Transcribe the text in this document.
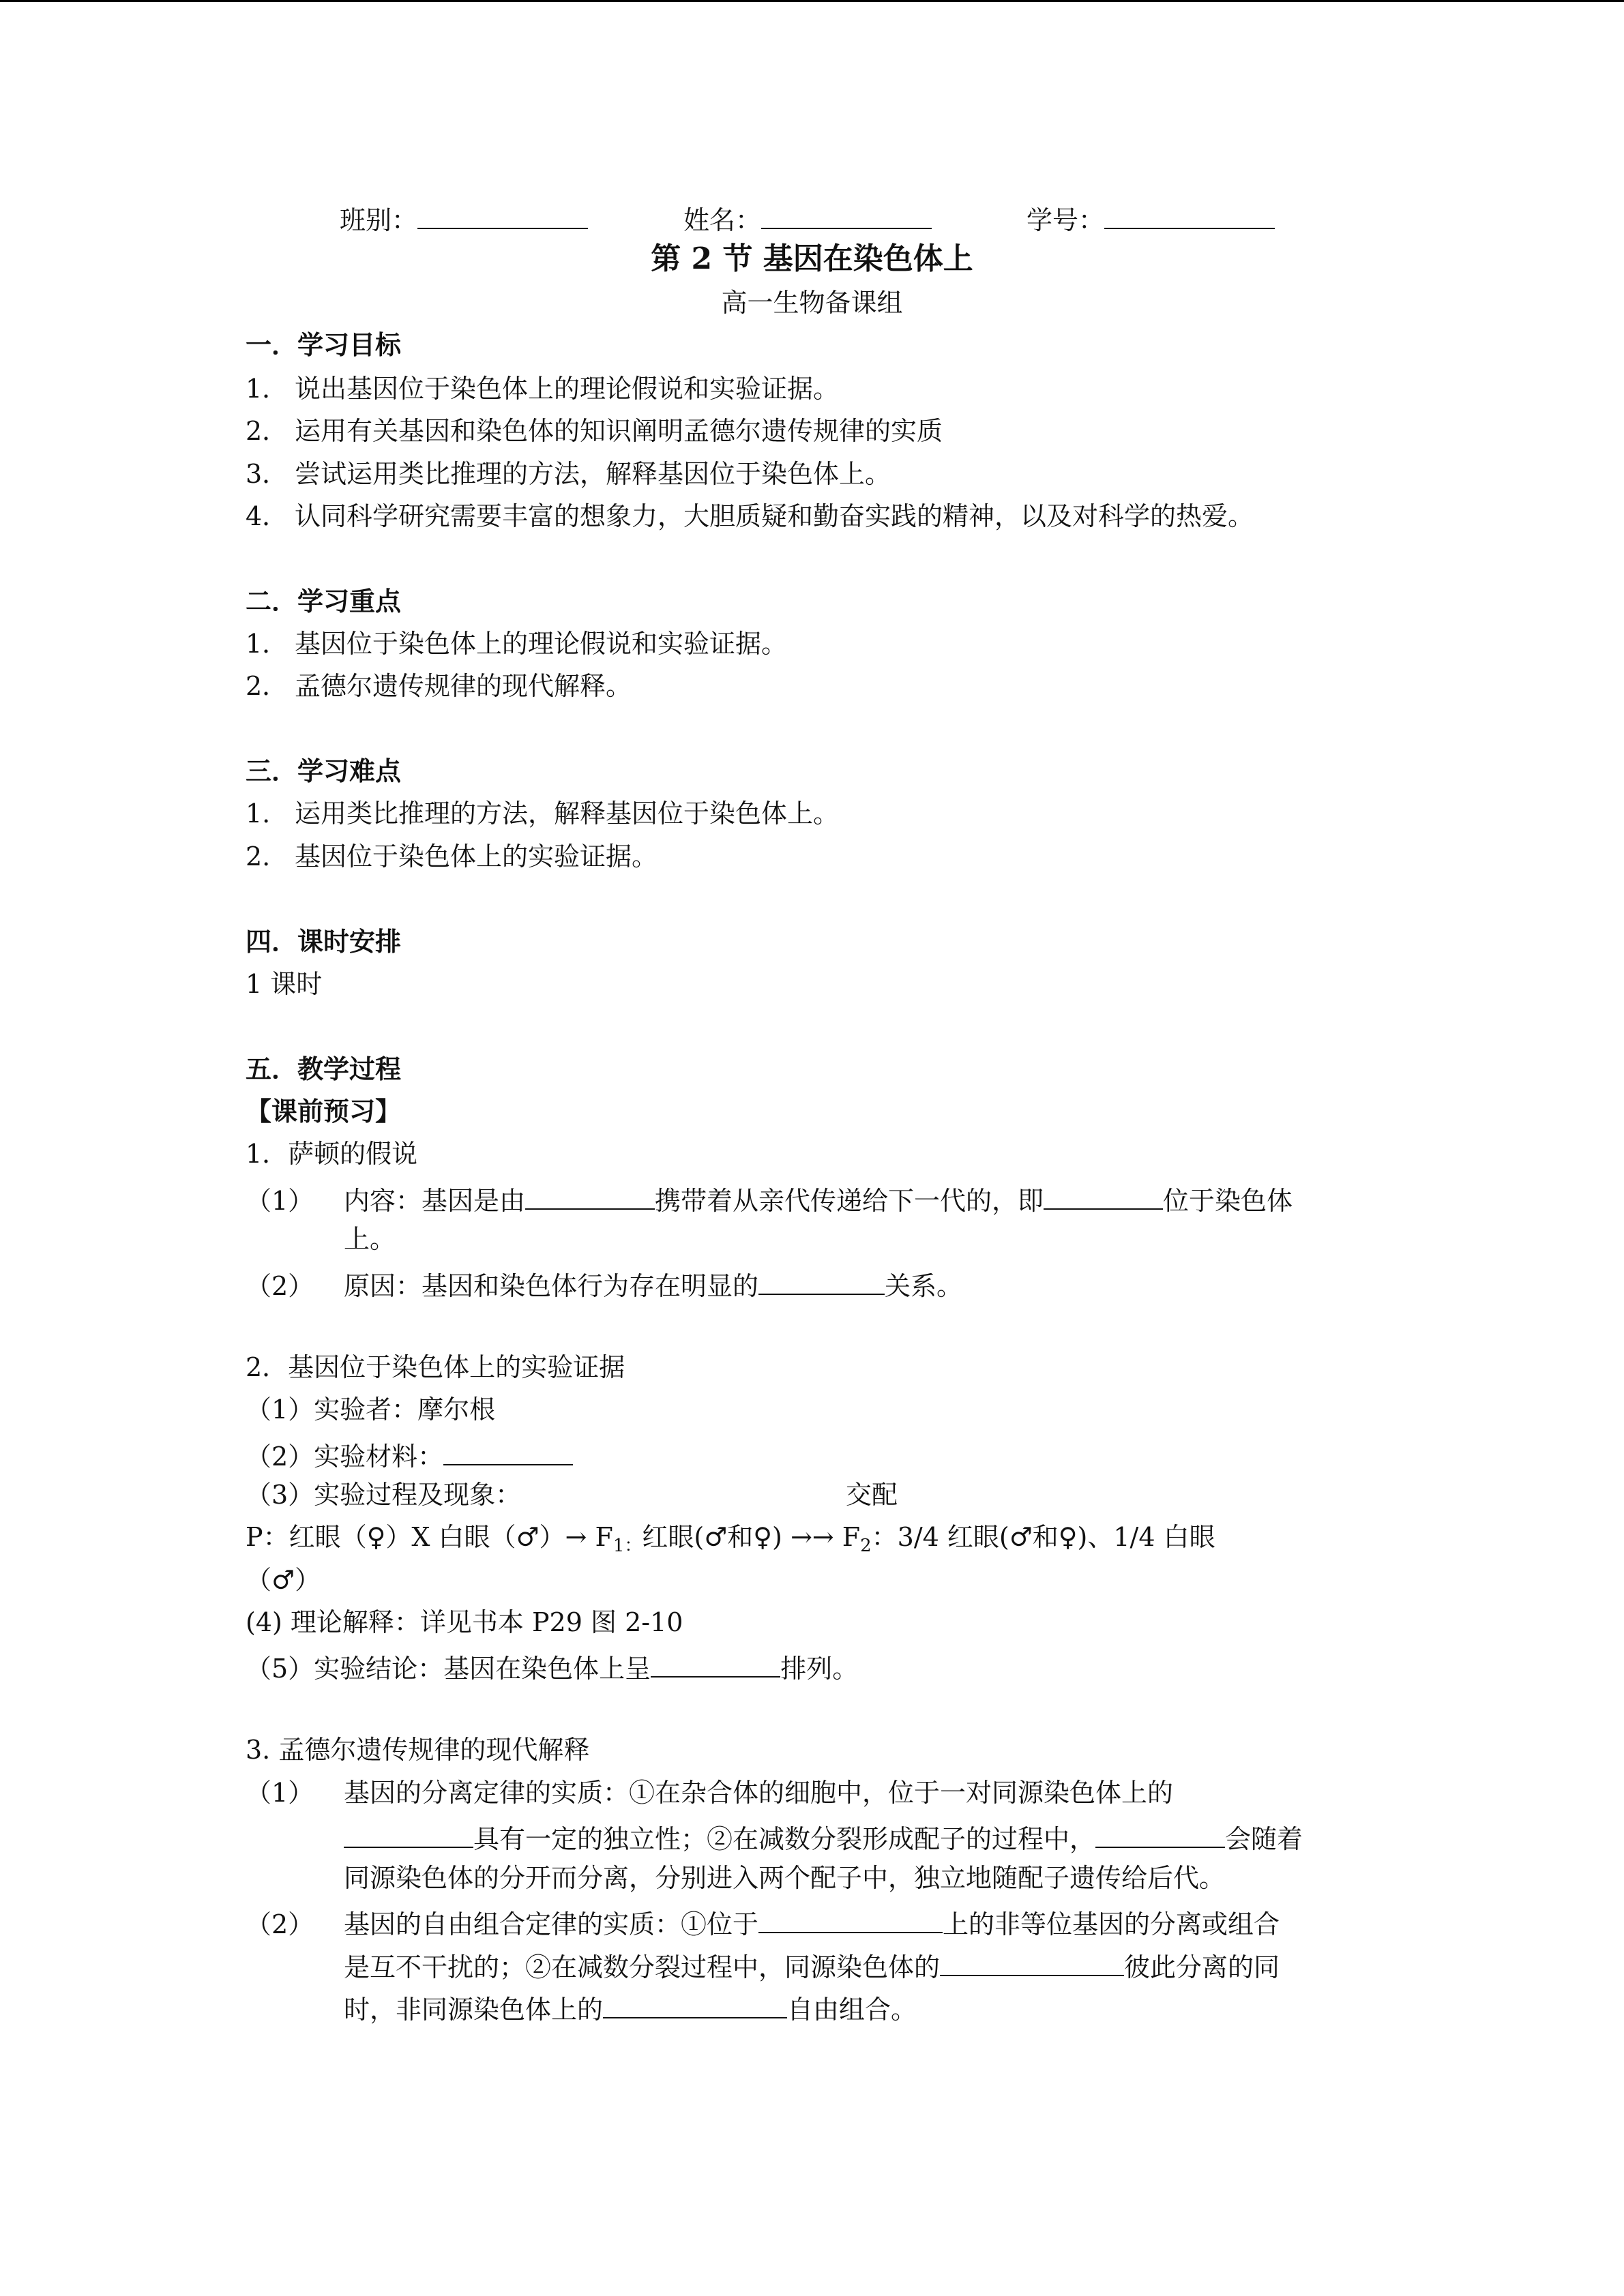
班别：	姓名：	学号：
第 2 节 基因在染色体上
高一生物备课组
一．学习目标
1． 说出基因位于染色体上的理论假说和实验证据。
2． 运用有关基因和染色体的知识阐明孟德尔遗传规律的实质
3． 尝试运用类比推理的方法，解释基因位于染色体上。
4． 认同科学研究需要丰富的想象力，大胆质疑和勤奋实践的精神，以及对科学的热爱。
二．学习重点
1． 基因位于染色体上的理论假说和实验证据。
2． 孟德尔遗传规律的现代解释。
三．学习难点
1. 运用类比推理的方法，解释基因位于染色体上。
2. 基因位于染色体上的实验证据。
四．课时安排
1 课时
五．教学过程
【课前预习】
1．萨顿的假说
（1） 内容：基因是由	携带着从亲代传递给下一代的，即	位于染色体
上。
（2） 原因：基因和染色体行为存在明显的	关系。
2．基因位于染色体上的实验证据
（1）实验者：摩尔根
（2）实验材料：
（3）实验过程及现象：	交配
P：红眼（♀）X 白眼（♂）→ $F_{1:}$红眼(♂和♀) →→ $F_2$：3/4 红眼(♂和♀)、1/4 白眼
（♂）
(4) 理论解释：详见书本 P29 图 2-10
（5）实验结论：基因在染色体上呈	排列。
3. 孟德尔遗传规律的现代解释
（1） 基因的分离定律的实质：①在杂合体的细胞中，位于一对同源染色体上的
具有一定的独立性；②在减数分裂形成配子的过程中，	会随着
同源染色体的分开而分离，分别进入两个配子中，独立地随配子遗传给后代。
（2） 基因的自由组合定律的实质：①位于	上的非等位基因的分离或组合
是互不干扰的；②在减数分裂过程中，同源染色体的	彼此分离的同
时，非同源染色体上的	自由组合。
